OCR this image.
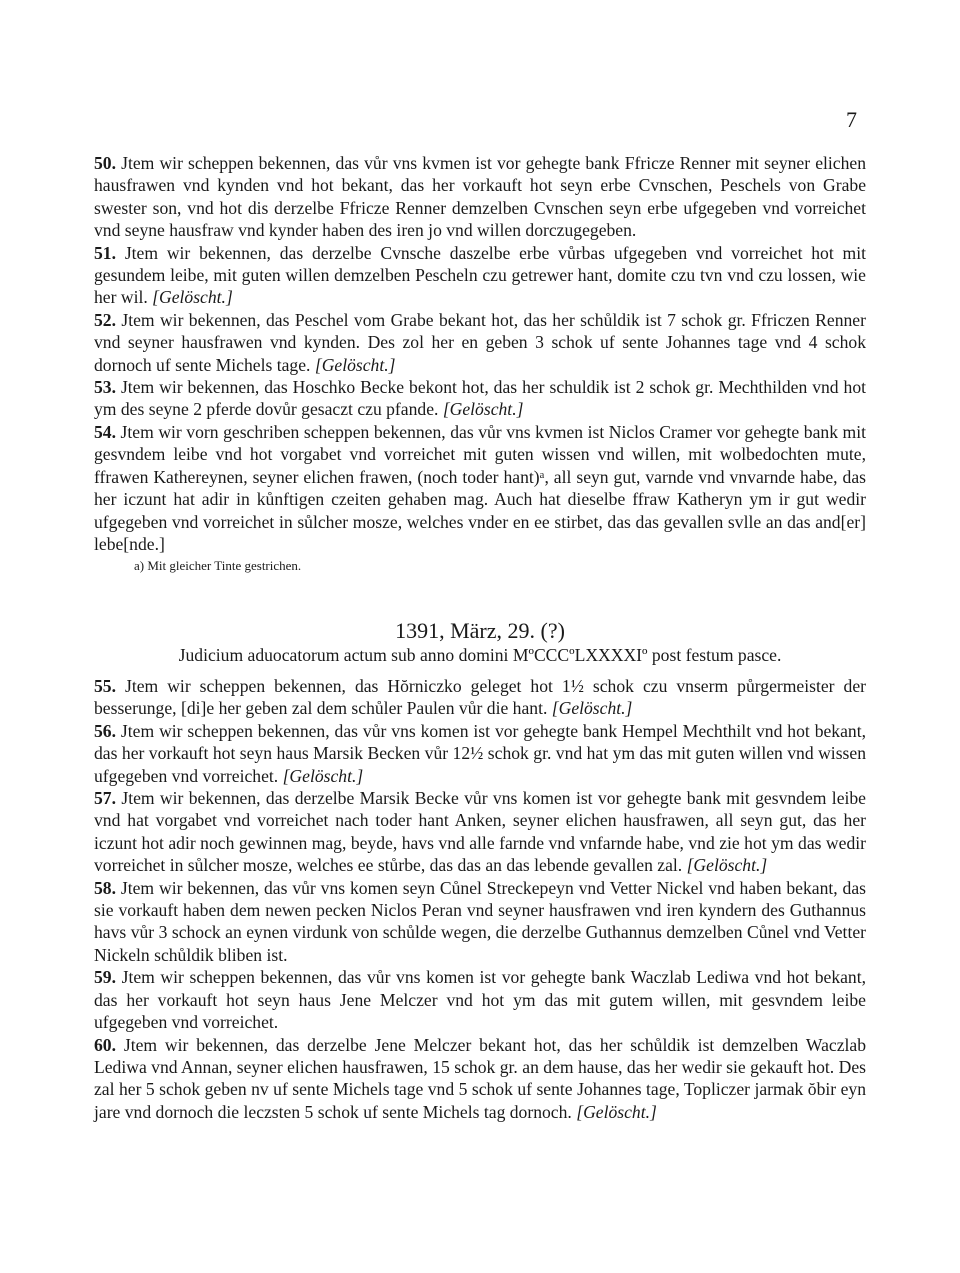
7

50. Jtem wir scheppen bekennen, das vůr vns kvmen ist vor gehegte bank Ffricze Renner mit seyner elichen hausfrawen vnd kynden vnd hot bekant, das her vorkauft hot seyn erbe Cvnschen, Peschels von Grabe swester son, vnd hot dis derzelbe Ffricze Renner demzelben Cvnschen seyn erbe ufgegeben vnd vorreichet vnd seyne hausfraw vnd kynder haben des iren jo vnd willen dorczugegeben.

51. Jtem wir bekennen, das derzelbe Cvnsche daszelbe erbe vůrbas ufgegeben vnd vorreichet hot mit gesundem leibe, mit guten willen demzelben Pescheln czu getrewer hant, domite czu tvn vnd czu lossen, wie her wil. [Gelöscht.]

52. Jtem wir bekennen, das Peschel vom Grabe bekant hot, das her schůldik ist 7 schok gr. Ffriczen Renner vnd seyner hausfrawen vnd kynden. Des zol her en geben 3 schok uf sente Johannes tage vnd 4 schok dornoch uf sente Michels tage. [Gelöscht.]

53. Jtem wir bekennen, das Hoschko Becke bekont hot, das her schuldik ist 2 schok gr. Mechthilden vnd hot ym des seyne 2 pferde dovůr gesaczt czu pfande. [Gelöscht.]

54. Jtem wir vorn geschriben scheppen bekennen, das vůr vns kvmen ist Niclos Cramer vor gehegte bank mit gesvndem leibe vnd hot vorgabet vnd vorreichet mit guten wissen vnd willen, mit wolbedochten mute, ffrawen Kathereynen, seyner elichen frawen, (noch toder hant)ᵃ, all seyn gut, varnde vnd vnvarnde habe, das her iczunt hat adir in kůnftigen czeiten gehaben mag. Auch hat dieselbe ffraw Katheryn ym ir gut wedir ufgegeben vnd vorreichet in sůlcher mosze, welches vnder en ee stirbet, das das gevallen svlle an das and[er] lebe[nde.]

a) Mit gleicher Tinte gestrichen.

1391, März, 29. (?)
Judicium aduocatorum actum sub anno domini MºCCCºLXXXXIº post festum pasce.

55. Jtem wir scheppen bekennen, das Hŏrniczko geleget hot 1½ schok czu vnserm půrgermeister der besserunge, [di]e her geben zal dem schůler Paulen vůr die hant. [Gelöscht.]

56. Jtem wir scheppen bekennen, das vůr vns komen ist vor gehegte bank Hempel Mechthilt vnd hot bekant, das her vorkauft hot seyn haus Marsik Becken vůr 12½ schok gr. vnd hat ym das mit guten willen vnd wissen ufgegeben vnd vorreichet. [Gelöscht.]

57. Jtem wir bekennen, das derzelbe Marsik Becke vůr vns komen ist vor gehegte bank mit gesvndem leibe vnd hat vorgabet vnd vorreichet nach toder hant Anken, seyner elichen hausfrawen, all seyn gut, das her iczunt hot adir noch gewinnen mag, beyde, havs vnd alle farnde vnd vnfarnde habe, vnd zie hot ym das wedir vorreichet in sůlcher mosze, welches ee stůrbe, das das an das lebende gevallen zal. [Gelöscht.]

58. Jtem wir bekennen, das vůr vns komen seyn Cůnel Streckepeyn vnd Vetter Nickel vnd haben bekant, das sie vorkauft haben dem newen pecken Niclos Peran vnd seyner hausfrawen vnd iren kyndern des Guthannus havs vůr 3 schock an eynen virdunk von schůlde wegen, die derzelbe Guthannus demzelben Cůnel vnd Vetter Nickeln schůldik bliben ist.

59. Jtem wir scheppen bekennen, das vůr vns komen ist vor gehegte bank Waczlab Lediwa vnd hot bekant, das her vorkauft hot seyn haus Jene Melczer vnd hot ym das mit gutem willen, mit gesvndem leibe ufgegeben vnd vorreichet.

60. Jtem wir bekennen, das derzelbe Jene Melczer bekant hot, das her schůldik ist demzelben Waczlab Lediwa vnd Annan, seyner elichen hausfrawen, 15 schok gr. an dem hause, das her wedir sie gekauft hot. Des zal her 5 schok geben nv uf sente Michels tage vnd 5 schok uf sente Johannes tage, Topliczer jarmak ŏbir eyn jare vnd dornoch die leczsten 5 schok uf sente Michels tag dornoch. [Gelöscht.]
